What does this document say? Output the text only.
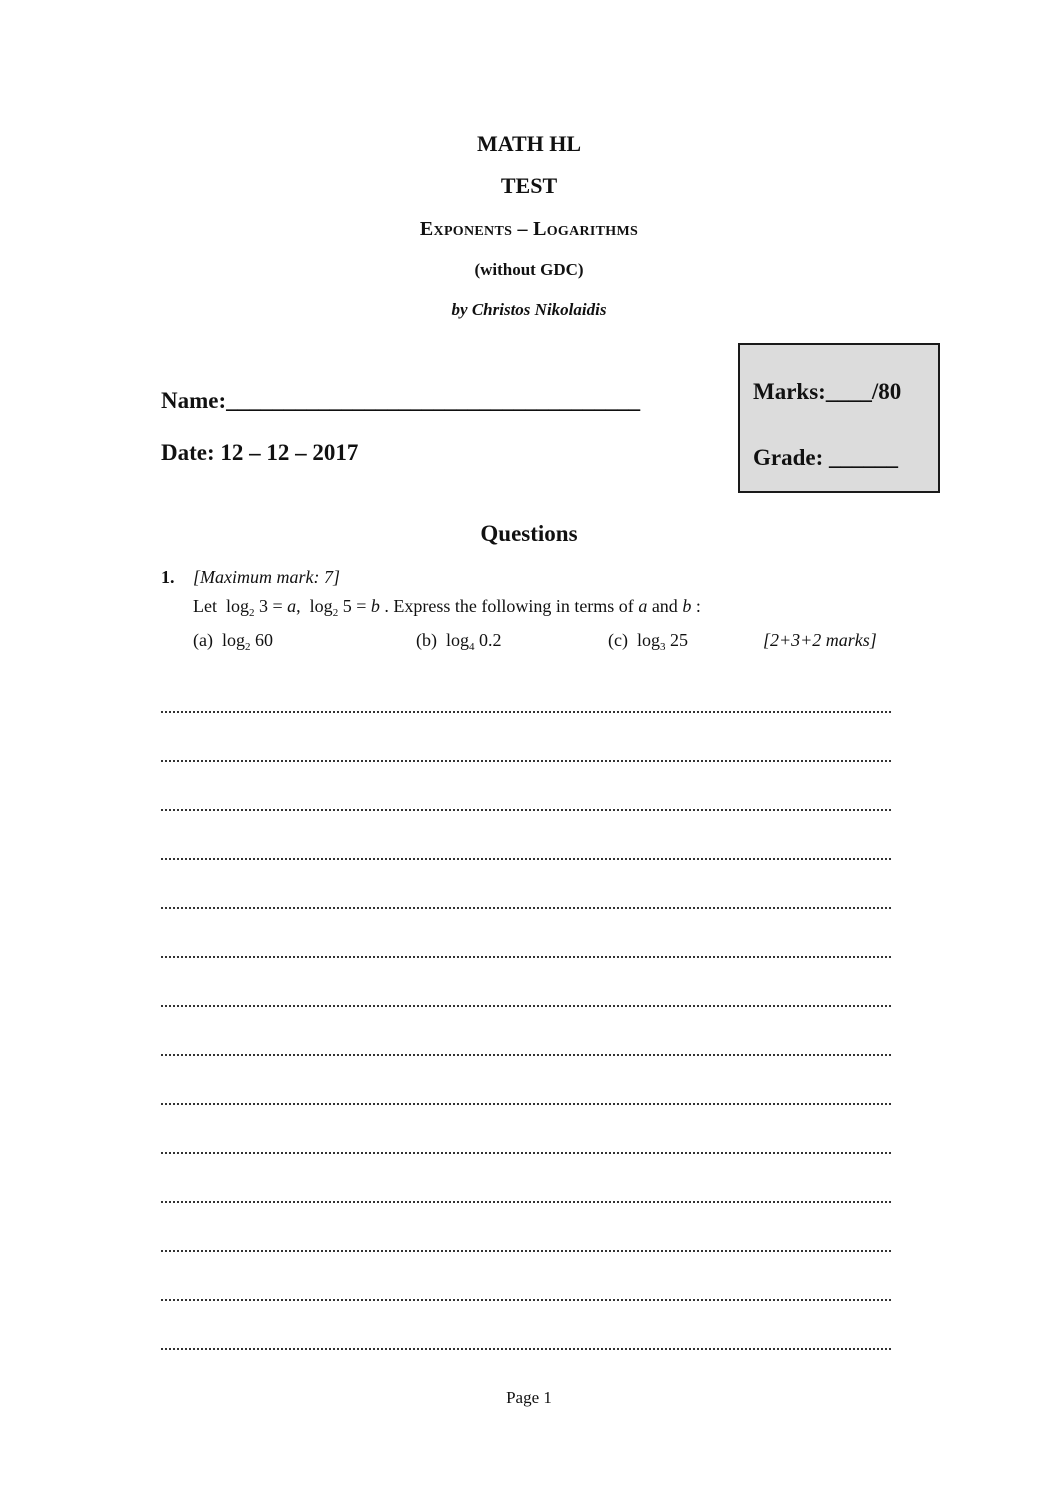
MATH HL
TEST
Exponents – Logarithms
(without GDC)
by Christos Nikolaidis
Name:____________________________________
Date: 12 – 12 – 2017
Marks:____/80
Grade: ______
Questions
1. [Maximum mark: 7]
Let $\log_2 3 = a$, $\log_2 5 = b$ . Express the following in terms of a and b :
(a) $\log_2 60$	(b) $\log_4 0.2$	(c) $\log_3 25$	[2+3+2 marks]
Page 1
